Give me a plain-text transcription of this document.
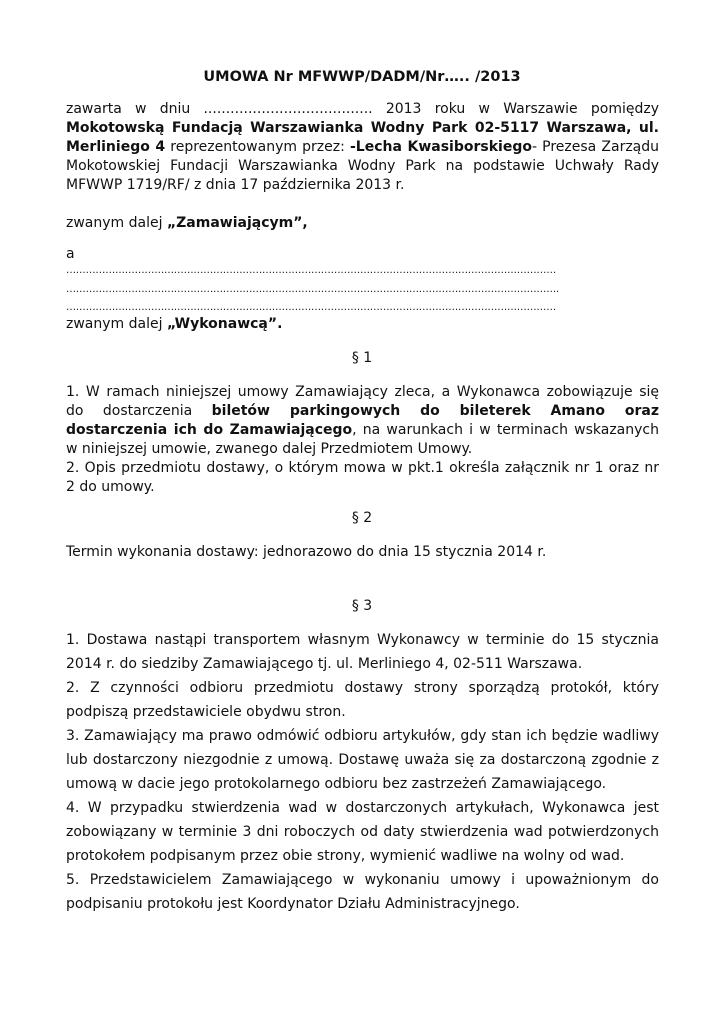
UMOWA Nr MFWWP/DADM/Nr….. /2013
zawarta w dniu ...................................... 2013 roku w Warszawie pomiędzy Mokotowską Fundacją Warszawianka Wodny Park 02-5117 Warszawa, ul. Merliniego 4 reprezentowanym przez: -Lecha Kwasiborskiego- Prezesa Zarządu Mokotowskiej Fundacji Warszawianka Wodny Park na podstawie Uchwały Rady MFWWP 1719/RF/ z dnia 17 października 2013 r.
zwanym dalej „Zamawiającym”,
a
……………………………………………………………………………………………………………………………………
…………………………………………………………………………………………………………………………………….
……………………………………………………………………………………………………………………………………
zwanym dalej „Wykonawcą”.
§ 1

1. W ramach niniejszej umowy Zamawiający zleca, a Wykonawca zobowiązuje się do dostarczenia biletów parkingowych do bileterek Amano oraz dostarczenia ich do Zamawiającego, na warunkach i w terminach wskazanych w niniejszej umowie, zwanego dalej Przedmiotem Umowy.

2. Opis przedmiotu dostawy, o którym mowa w pkt.1 określa załącznik nr 1 oraz nr 2 do umowy.

§ 2
Termin wykonania dostawy: jednorazowo do dnia 15 stycznia 2014 r.
§ 3

1. Dostawa nastąpi transportem własnym Wykonawcy w terminie do 15 stycznia 2014 r. do siedziby Zamawiającego tj. ul. Merliniego 4, 02-511 Warszawa.

2. Z czynności odbioru przedmiotu dostawy strony sporządzą protokół, który podpiszą przedstawiciele obydwu stron.

3. Zamawiający ma prawo odmówić odbioru artykułów, gdy stan ich będzie wadliwy lub dostarczony niezgodnie z umową. Dostawę uważa się za dostarczoną zgodnie z umową w dacie jego protokolarnego odbioru bez zastrzeżeń Zamawiającego.

4. W przypadku stwierdzenia wad w dostarczonych artykułach, Wykonawca jest zobowiązany w terminie 3 dni roboczych od daty stwierdzenia wad potwierdzonych protokołem podpisanym przez obie strony, wymienić wadliwe na wolny od wad.

5. Przedstawicielem Zamawiającego w wykonaniu umowy i upoważnionym do podpisaniu protokołu jest Koordynator Działu Administracyjnego.
